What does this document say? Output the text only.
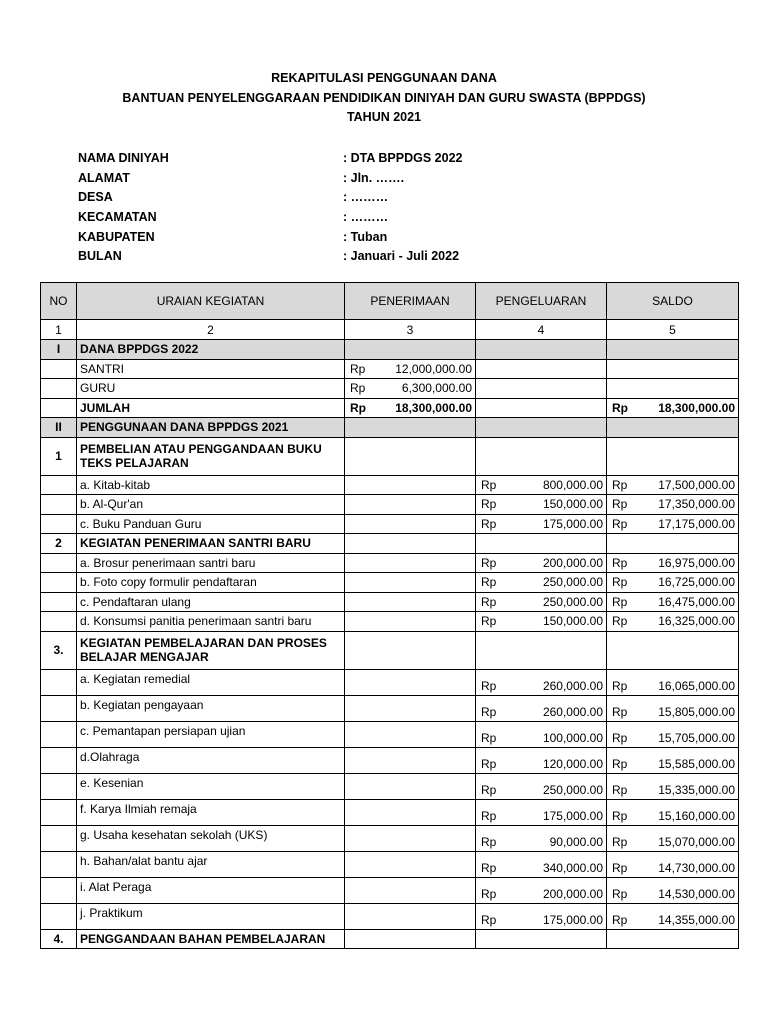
REKAPITULASI PENGGUNAAN DANA
BANTUAN PENYELENGGARAAN PENDIDIKAN DINIYAH DAN GURU SWASTA (BPPDGS)
TAHUN 2021
NAMA DINIYAH	: DTA BPPDGS 2022
ALAMAT	: Jln. …….
DESA	: ………
KECAMATAN	: ………
KABUPATEN	: Tuban
BULAN	: Januari - Juli 2022
NO	URAIAN KEGIATAN	PENERIMAAN	PENGELUARAN	SALDO
1	2	3	4	5
I	DANA BPPDGS 2022			
	SANTRI	Rp 12,000,000.00		

	GURU	Rp 6,300,000.00		

	JUMLAH	Rp 18,300,000.00		Rp 18,300,000.00

II	PENGGUNAAN DANA BPPDGS 2021			
1	PEMBELIAN ATAU PENGGANDAAN BUKU TEKS PELAJARAN			
	a. Kitab-kitab		Rp 800,000.00	Rp 17,500,000.00

	b. Al-Qur'an		Rp 150,000.00	Rp 17,350,000.00

	c. Buku Panduan Guru		Rp 175,000.00	Rp 17,175,000.00

2	KEGIATAN PENERIMAAN SANTRI BARU			
	a. Brosur penerimaan santri baru		Rp 200,000.00	Rp 16,975,000.00

	b. Foto copy formulir pendaftaran		Rp 250,000.00	Rp 16,725,000.00

	c. Pendaftaran ulang		Rp 250,000.00	Rp 16,475,000.00

	d. Konsumsi panitia penerimaan santri baru		Rp 150,000.00	Rp 16,325,000.00

3.	KEGIATAN PEMBELAJARAN DAN PROSES BELAJAR MENGAJAR			
	a. Kegiatan remedial		Rp 260,000.00	Rp 16,065,000.00

	b. Kegiatan pengayaan		Rp 260,000.00	Rp 15,805,000.00

	c. Pemantapan persiapan ujian		Rp 100,000.00	Rp 15,705,000.00

	d.Olahraga		Rp 120,000.00	Rp 15,585,000.00

	e. Kesenian		Rp 250,000.00	Rp 15,335,000.00

	f. Karya Ilmiah remaja		Rp 175,000.00	Rp 15,160,000.00

	g. Usaha kesehatan sekolah (UKS)		Rp 90,000.00	Rp 15,070,000.00

	h. Bahan/alat bantu ajar		Rp 340,000.00	Rp 14,730,000.00

	i. Alat Peraga		Rp 200,000.00	Rp 14,530,000.00

	j. Praktikum		Rp 175,000.00	Rp 14,355,000.00

4.	PENGGANDAAN BAHAN PEMBELAJARAN			
